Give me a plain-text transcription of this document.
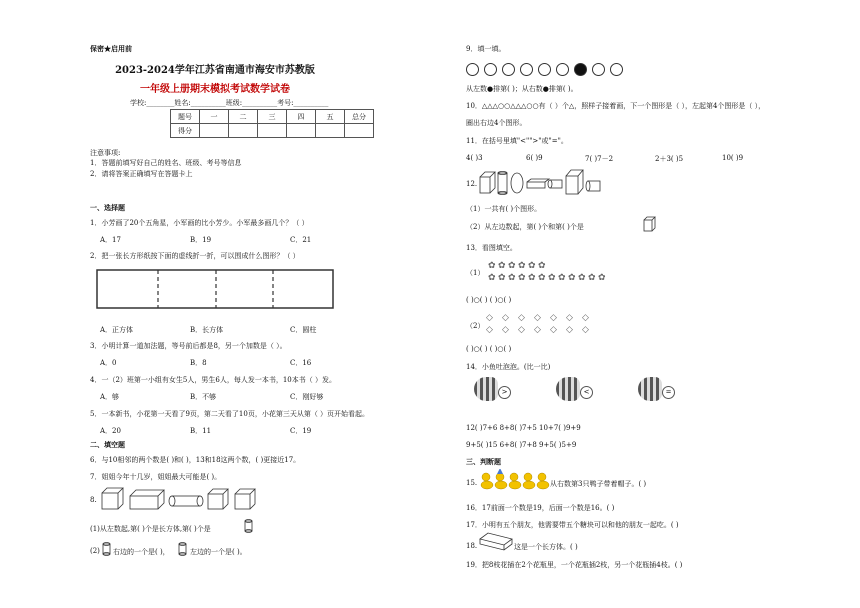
保密★启用前
2023-2024学年江苏省南通市海安市苏教版
一年级上册期末模拟考试数学试卷
学校:________姓名:__________班级:__________考号:__________
题号	一	二	三	四	五	总分
得分						
注意事项:
1．答题前填写好自己的姓名、班级、考号等信息
2．请将答案正确填写在答题卡上
一、选择题
1．小芳画了20个五角星，小军画的比小芳少。小军最多画几个？（ ）
A．17	B．19	C．21
2．把一张长方形纸按下面的虚线折一折，可以围成什么图形？（ ）
A．正方体	B．长方体	C．圆柱
3．小明计算一道加法题，等号前后都是8，另一个加数是（ ）。
A．0	B．8	C．16
4．一（2）班第一小组有女生5人，男生6人，每人发一本书，10本书（ ）发。
A．够	B．不够	C．刚好够
5．一本新书，小花第一天看了9页，第二天看了10页，小花第三天从第（ ）页开始看起。
A．20	B．11	C．19
二、填空题
6．与10相邻的两个数是( )和( )，13和18这两个数，( )更接近17。
7．姐姐今年十几岁，姐姐最大可能是( )。
8.
(1)从左数起,第( )个是长方体,第( )个是
(2) 右边的一个是( )，	左边的一个是( )。
9．填一填。
从左数●排第( )；从右数●排第( )。
10．△△△○○△△△○○有（ ）个△，照样子接着画，下一个图形是（ ），左起第4个图形是（ ），
圈出右边4个图形。
11．在括号里填"<"">"或"="。
4( )3	6( )9	7( )7－2	2＋3( )5	10( )9
12.
（1）一共有( )个图形。
（2）从左边数起，第( )个和第( )个是
13．看图填空。
（1）
✿ ✿ ✿ ✿ ✿ ✿
✿ ✿ ✿ ✿ ✿ ✿ ✿ ✿ ✿ ✿ ✿ ✿
( )○( ) ( )○( )
（2）
◇ ◇ ◇ ◇ ◇ ◇ ◇
◇ ◇ ◇ ◇ ◇ ◇ ◇
( )○( ) ( )○( )
14．小鱼吐泡泡。(比一比)
>	<	=
12( )7+6 8+8( )7+5 10+7( )9+9
9+5( )15 6+8( )7+8 9+5( )5+9
三、判断题
15.	从右数第3只鸭子带着帽子。( )
16．17前面一个数是19，后面一个数是16。( )
17．小明有五个朋友，他需要带五个糖块可以和他的朋友一起吃。( )
18.	这是一个长方体。( )
19．把8枝花插在2个花瓶里，一个花瓶插2枝，另一个花瓶插4枝。( )
